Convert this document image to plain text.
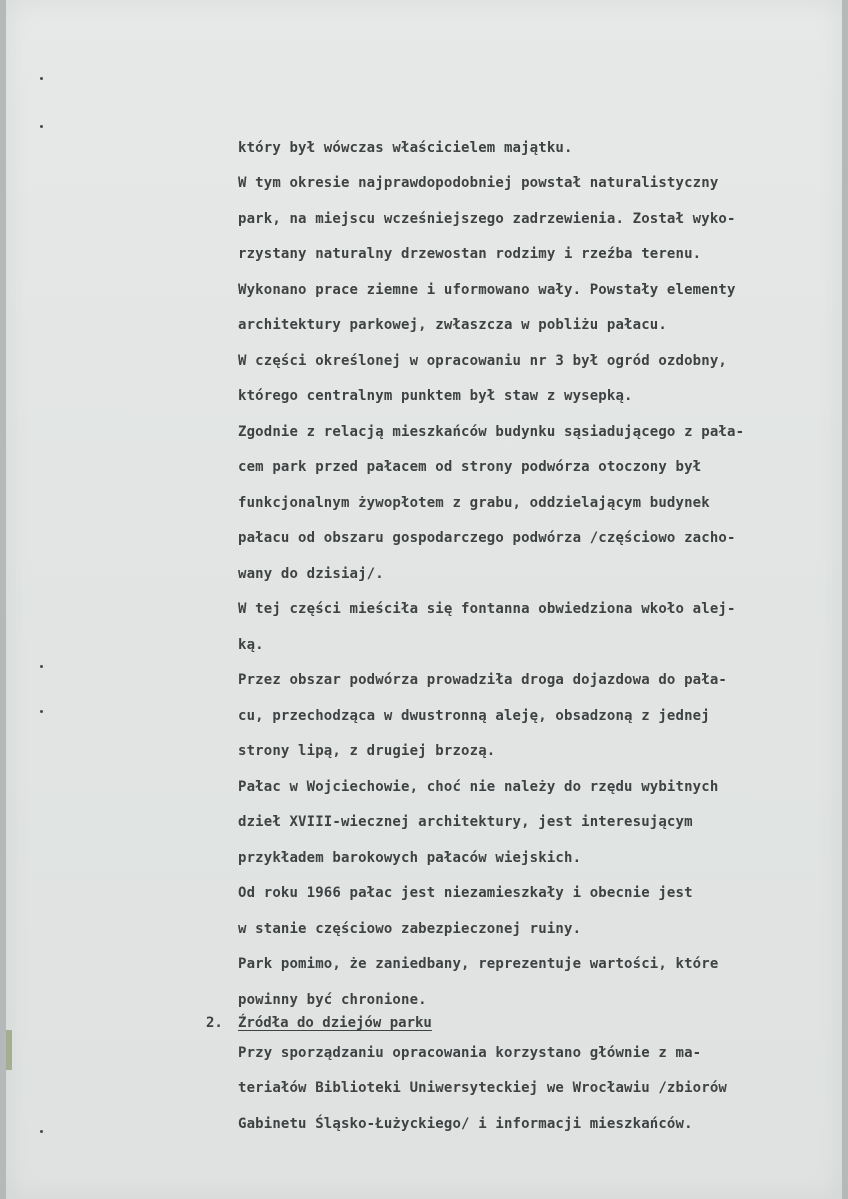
który był wówczas właścicielem majątku.
W tym okresie najprawdopodobniej powstał naturalistyczny
park, na miejscu wcześniejszego zadrzewienia. Został wyko-
rzystany naturalny drzewostan rodzimy i rzeźba terenu.
Wykonano prace ziemne i uformowano wały. Powstały elementy
architektury parkowej, zwłaszcza w pobliżu pałacu.
W części określonej w opracowaniu nr 3 był ogród ozdobny,
którego centralnym punktem był staw z wysepką.
Zgodnie z relacją mieszkańców budynku sąsiadującego z pała-
cem park przed pałacem od strony podwórza otoczony był
funkcjonalnym żywopłotem z grabu, oddzielającym budynek
pałacu od obszaru gospodarczego podwórza /częściowo zacho-
wany do dzisiaj/.
W tej części mieściła się fontanna obwiedziona wkoło alej-
ką.
Przez obszar podwórza prowadziła droga dojazdowa do pała-
cu, przechodząca w dwustronną aleję, obsadzoną z jednej
strony lipą, z drugiej brzozą.
Pałac w Wojciechowie, choć nie należy do rzędu wybitnych
dzieł XVIII-wiecznej architektury, jest interesującym
przykładem barokowych pałaców wiejskich.
Od roku 1966 pałac jest niezamieszkały i obecnie jest
w stanie częściowo zabezpieczonej ruiny.
Park pomimo, że zaniedbany, reprezentuje wartości, które
powinny być chronione.
2. Źródła do dziejów parku
Przy sporządzaniu opracowania korzystano głównie z ma-
teriałów Biblioteki Uniwersyteckiej we Wrocławiu /zbiorów
Gabinetu Śląsko-Łużyckiego/ i informacji mieszkańców.
